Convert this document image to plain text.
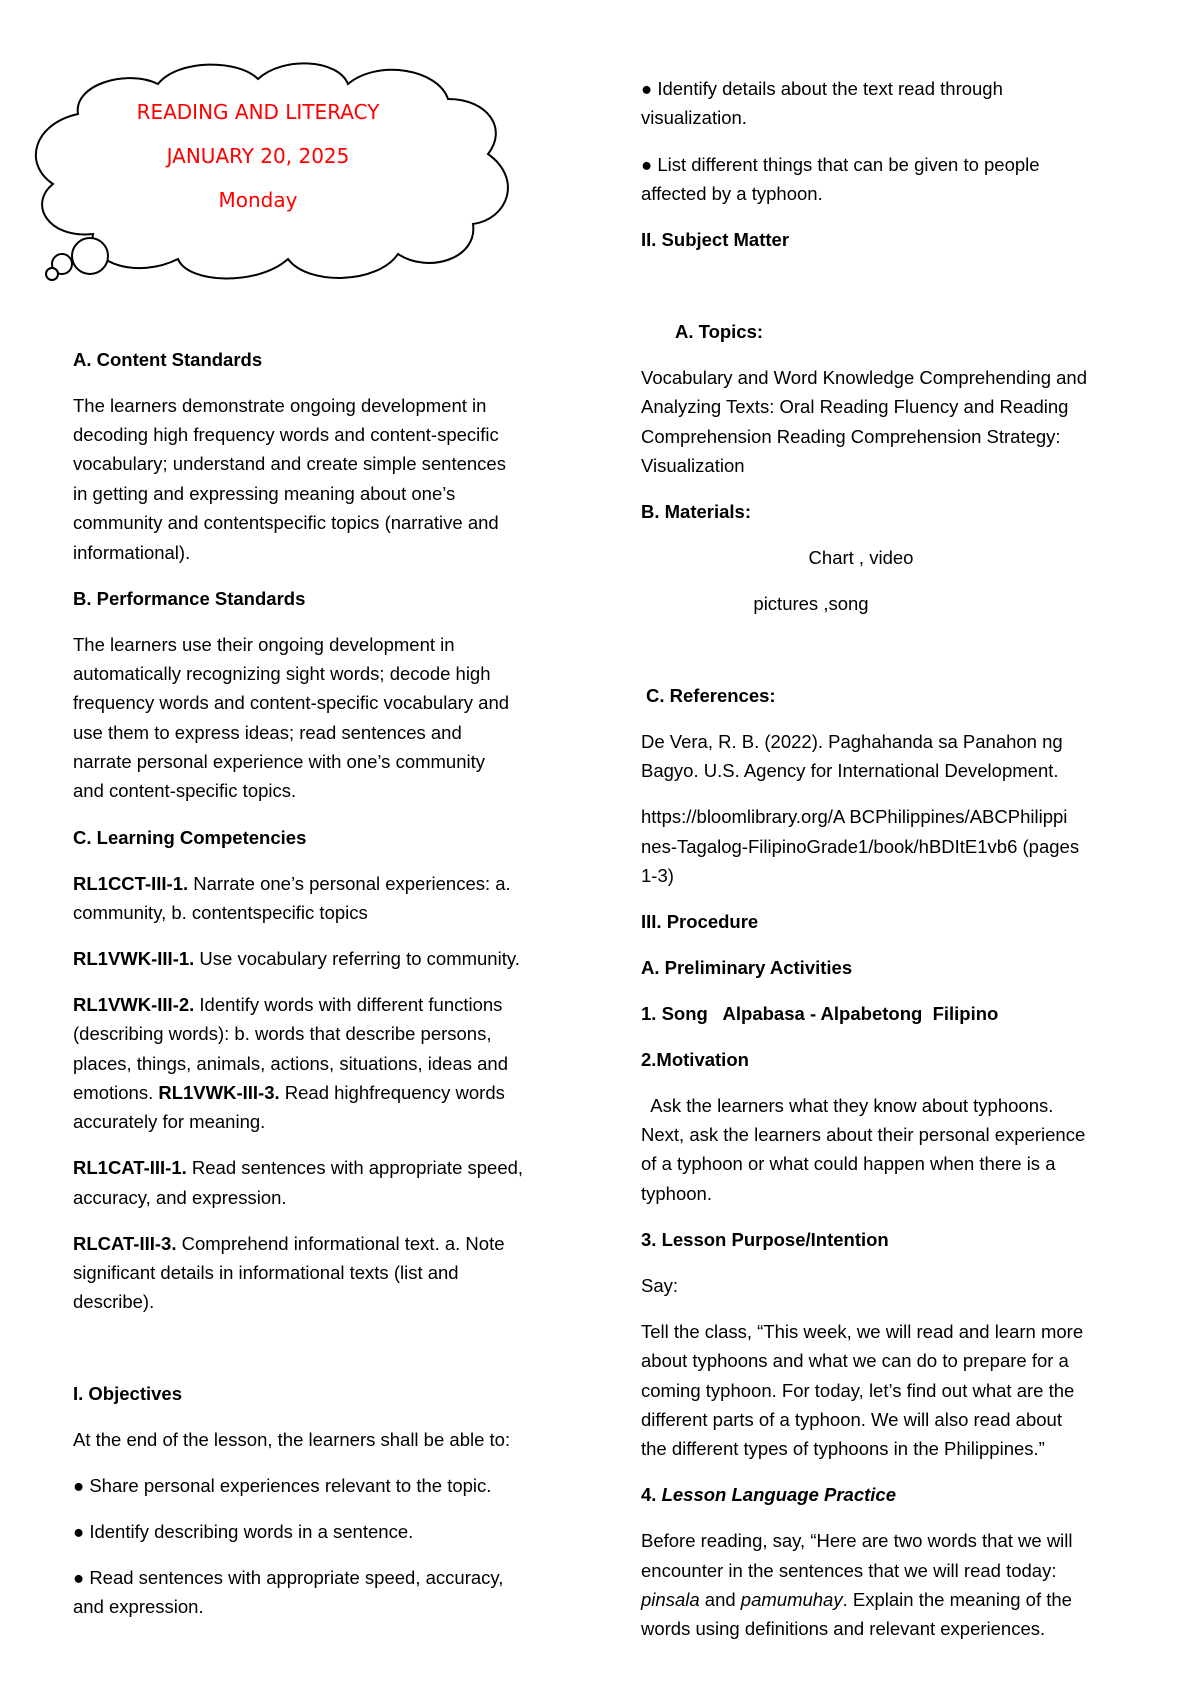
READING AND LITERACY
JANUARY 20, 2025
Monday

A. Content Standards

The learners demonstrate ongoing development in

decoding high frequency words and content-specific

vocabulary; understand and create simple sentences

in getting and expressing meaning about one’s

community and contentspecific topics (narrative and

informational).

B. Performance Standards

The learners use their ongoing development in

automatically recognizing sight words; decode high

frequency words and content-specific vocabulary and

use them to express ideas; read sentences and

narrate personal experience with one’s community

and content-specific topics.

C. Learning Competencies

RL1CCT-III-1. Narrate one’s personal experiences: a.

community, b. contentspecific topics

RL1VWK-III-1. Use vocabulary referring to community.

RL1VWK-III-2. Identify words with different functions

(describing words): b. words that describe persons,

places, things, animals, actions, situations, ideas and

emotions. RL1VWK-III-3. Read highfrequency words

accurately for meaning.

RL1CAT-III-1. Read sentences with appropriate speed,

accuracy, and expression.

RLCAT-III-3. Comprehend informational text. a. Note

significant details in informational texts (list and

describe).

I. Objectives

At the end of the lesson, the learners shall be able to:

● Share personal experiences relevant to the topic.

● Identify describing words in a sentence.

● Read sentences with appropriate speed, accuracy,

and expression.

● Identify details about the text read through

visualization.

● List different things that can be given to people

affected by a typhoon.

II. Subject Matter

A. Topics:

Vocabulary and Word Knowledge Comprehending and

Analyzing Texts: Oral Reading Fluency and Reading

Comprehension Reading Comprehension Strategy:

Visualization

B. Materials:

Chart , video

pictures ,song

C. References:

De Vera, R. B. (2022). Paghahanda sa Panahon ng

Bagyo. U.S. Agency for International Development.

https://bloomlibrary.org/A BCPhilippines/ABCPhilippi

nes-Tagalog-FilipinoGrade1/book/hBDItE1vb6 (pages

1-3)

III. Procedure

A. Preliminary Activities

1. Song   Alpabasa - Alpabetong  Filipino

2.Motivation

Ask the learners what they know about typhoons.

Next, ask the learners about their personal experience

of a typhoon or what could happen when there is a

typhoon.

3. Lesson Purpose/Intention

Say:

Tell the class, “This week, we will read and learn more

about typhoons and what we can do to prepare for a

coming typhoon. For today, let’s find out what are the

different parts of a typhoon. We will also read about

the different types of typhoons in the Philippines.”

4. Lesson Language Practice

Before reading, say, “Here are two words that we will

encounter in the sentences that we will read today:

pinsala and pamumuhay. Explain the meaning of the

words using definitions and relevant experiences.
